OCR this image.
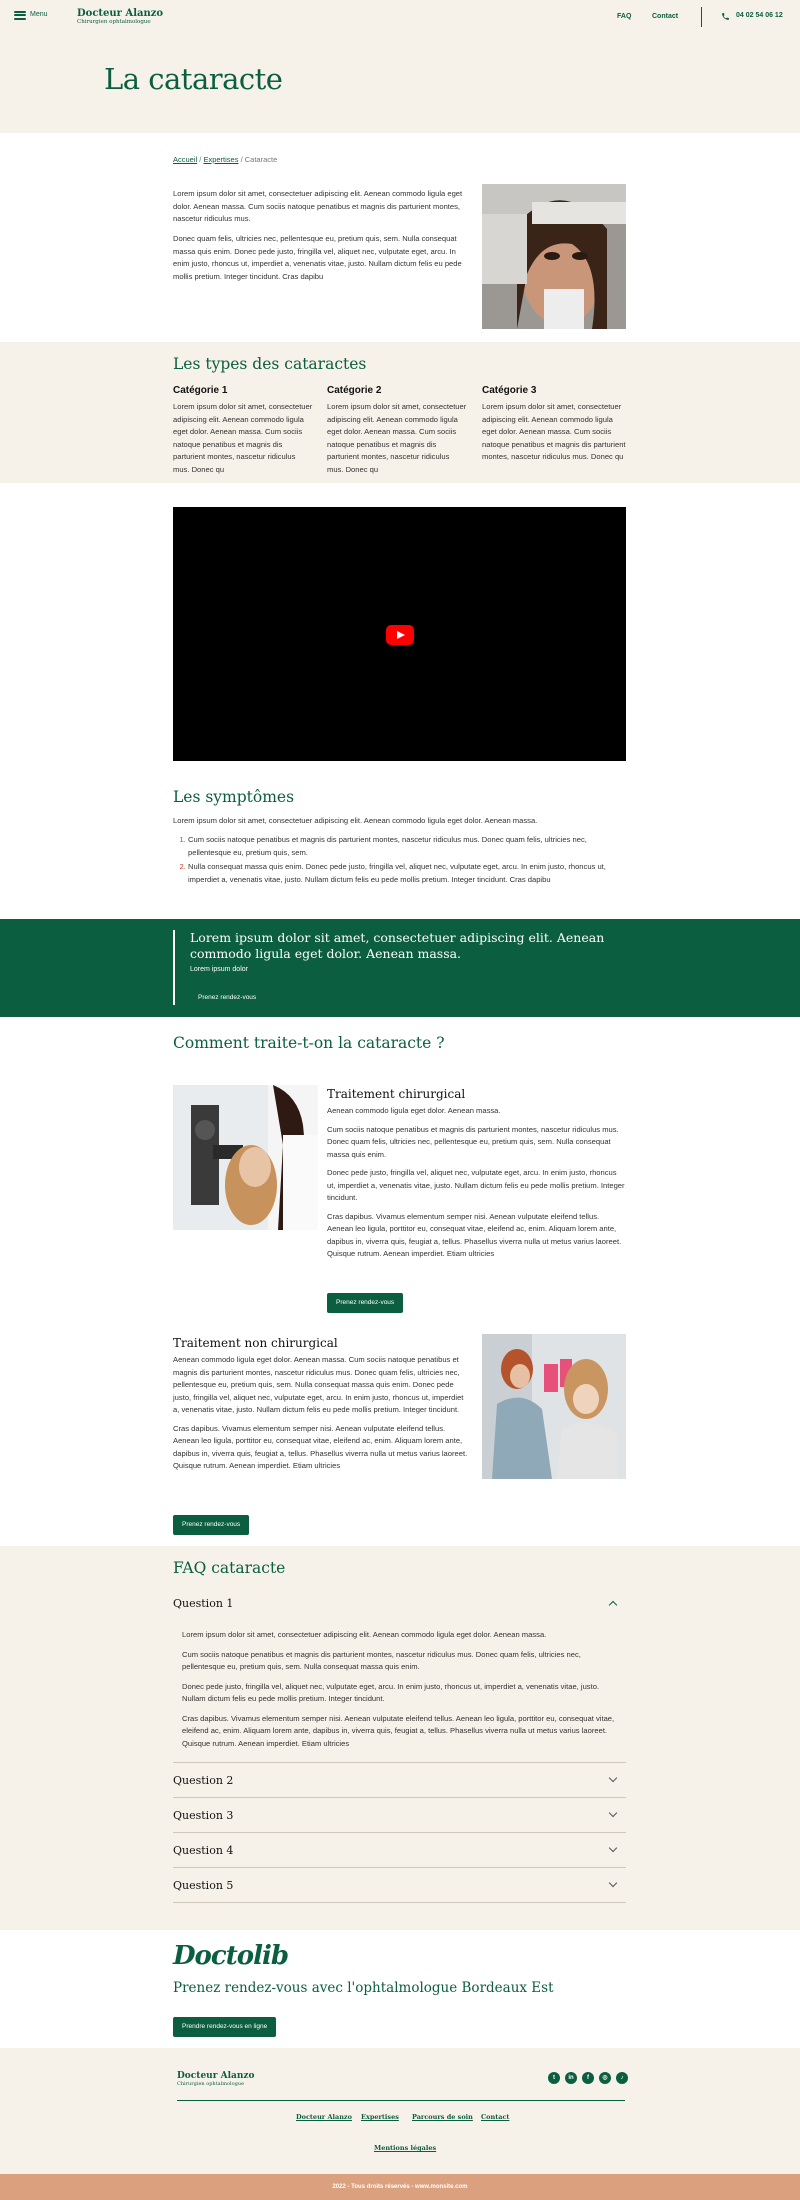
Menu	Docteur Alanzo
Chirurgien ophtalmologue
FAQ	Contact	04 02 54 06 12
La cataracte
Accueil / Expertises / Cataracte

Lorem ipsum dolor sit amet, consectetuer adipiscing elit. Aenean commodo ligula eget dolor. Aenean massa. Cum sociis natoque penatibus et magnis dis parturient montes, nascetur ridiculus mus.

Donec quam felis, ultricies nec, pellentesque eu, pretium quis, sem. Nulla consequat massa quis enim. Donec pede justo, fringilla vel, aliquet nec, vulputate eget, arcu. In enim justo, rhoncus ut, imperdiet a, venenatis vitae, justo. Nullam dictum felis eu pede mollis pretium. Integer tincidunt. Cras dapibu

Les types des cataractes
Catégorie 1

Lorem ipsum dolor sit amet, consectetuer adipiscing elit. Aenean commodo ligula eget dolor. Aenean massa. Cum sociis natoque penatibus et magnis dis parturient montes, nascetur ridiculus mus. Donec qu

Catégorie 2

Lorem ipsum dolor sit amet, consectetuer adipiscing elit. Aenean commodo ligula eget dolor. Aenean massa. Cum sociis natoque penatibus et magnis dis parturient montes, nascetur ridiculus mus. Donec qu

Catégorie 3

Lorem ipsum dolor sit amet, consectetuer adipiscing elit. Aenean commodo ligula eget dolor. Aenean massa. Cum sociis natoque penatibus et magnis dis parturient montes, nascetur ridiculus mus. Donec qu

Les symptômes

Lorem ipsum dolor sit amet, consectetuer adipiscing elit. Aenean commodo ligula eget dolor. Aenean massa.

1. Cum sociis natoque penatibus et magnis dis parturient montes, nascetur ridiculus mus. Donec quam felis, ultricies nec, pellentesque eu, pretium quis, sem.
2. Nulla consequat massa quis enim. Donec pede justo, fringilla vel, aliquet nec, vulputate eget, arcu. In enim justo, rhoncus ut, imperdiet a, venenatis vitae, justo. Nullam dictum felis eu pede mollis pretium. Integer tincidunt. Cras dapibu
Lorem ipsum dolor sit amet, consectetuer adipiscing elit. Aenean commodo ligula eget dolor. Aenean massa.
Lorem ipsum dolor
Prenez rendez-vous
Comment traite-t-on la cataracte ?
Traitement chirurgical

Aenean commodo ligula eget dolor. Aenean massa.

Cum sociis natoque penatibus et magnis dis parturient montes, nascetur ridiculus mus. Donec quam felis, ultricies nec, pellentesque eu, pretium quis, sem. Nulla consequat massa quis enim.

Donec pede justo, fringilla vel, aliquet nec, vulputate eget, arcu. In enim justo, rhoncus ut, imperdiet a, venenatis vitae, justo. Nullam dictum felis eu pede mollis pretium. Integer tincidunt.

Cras dapibus. Vivamus elementum semper nisi. Aenean vulputate eleifend tellus. Aenean leo ligula, porttitor eu, consequat vitae, eleifend ac, enim. Aliquam lorem ante, dapibus in, viverra quis, feugiat a, tellus. Phasellus viverra nulla ut metus varius laoreet. Quisque rutrum. Aenean imperdiet. Etiam ultricies

Prenez rendez-vous
Traitement non chirurgical

Aenean commodo ligula eget dolor. Aenean massa. Cum sociis natoque penatibus et magnis dis parturient montes, nascetur ridiculus mus. Donec quam felis, ultricies nec, pellentesque eu, pretium quis, sem. Nulla consequat massa quis enim. Donec pede justo, fringilla vel, aliquet nec, vulputate eget, arcu. In enim justo, rhoncus ut, imperdiet a, venenatis vitae, justo. Nullam dictum felis eu pede mollis pretium. Integer tincidunt.

Cras dapibus. Vivamus elementum semper nisi. Aenean vulputate eleifend tellus. Aenean leo ligula, porttitor eu, consequat vitae, eleifend ac, enim. Aliquam lorem ante, dapibus in, viverra quis, feugiat a, tellus. Phasellus viverra nulla ut metus varius laoreet. Quisque rutrum. Aenean imperdiet. Etiam ultricies

Prenez rendez-vous
FAQ cataracte
Question 1

Lorem ipsum dolor sit amet, consectetuer adipiscing elit. Aenean commodo ligula eget dolor. Aenean massa.

Cum sociis natoque penatibus et magnis dis parturient montes, nascetur ridiculus mus. Donec quam felis, ultricies nec, pellentesque eu, pretium quis, sem. Nulla consequat massa quis enim.

Donec pede justo, fringilla vel, aliquet nec, vulputate eget, arcu. In enim justo, rhoncus ut, imperdiet a, venenatis vitae, justo. Nullam dictum felis eu pede mollis pretium. Integer tincidunt.

Cras dapibus. Vivamus elementum semper nisi. Aenean vulputate eleifend tellus. Aenean leo ligula, porttitor eu, consequat vitae, eleifend ac, enim. Aliquam lorem ante, dapibus in, viverra quis, feugiat a, tellus. Phasellus viverra nulla ut metus varius laoreet. Quisque rutrum. Aenean imperdiet. Etiam ultricies

Question 2
Question 3
Question 4
Question 5
Doctolib
Prenez rendez-vous avec l'ophtalmologue Bordeaux Est
Prendre rendez-vous en ligne
Docteur Alanzo
Chirurgien ophtalmologue
t	in	f	◎	♪
Docteur Alanzo Expertises Parcours de soin Contact
Mentions légales
2022 - Tous droits réservés - www.monsite.com
